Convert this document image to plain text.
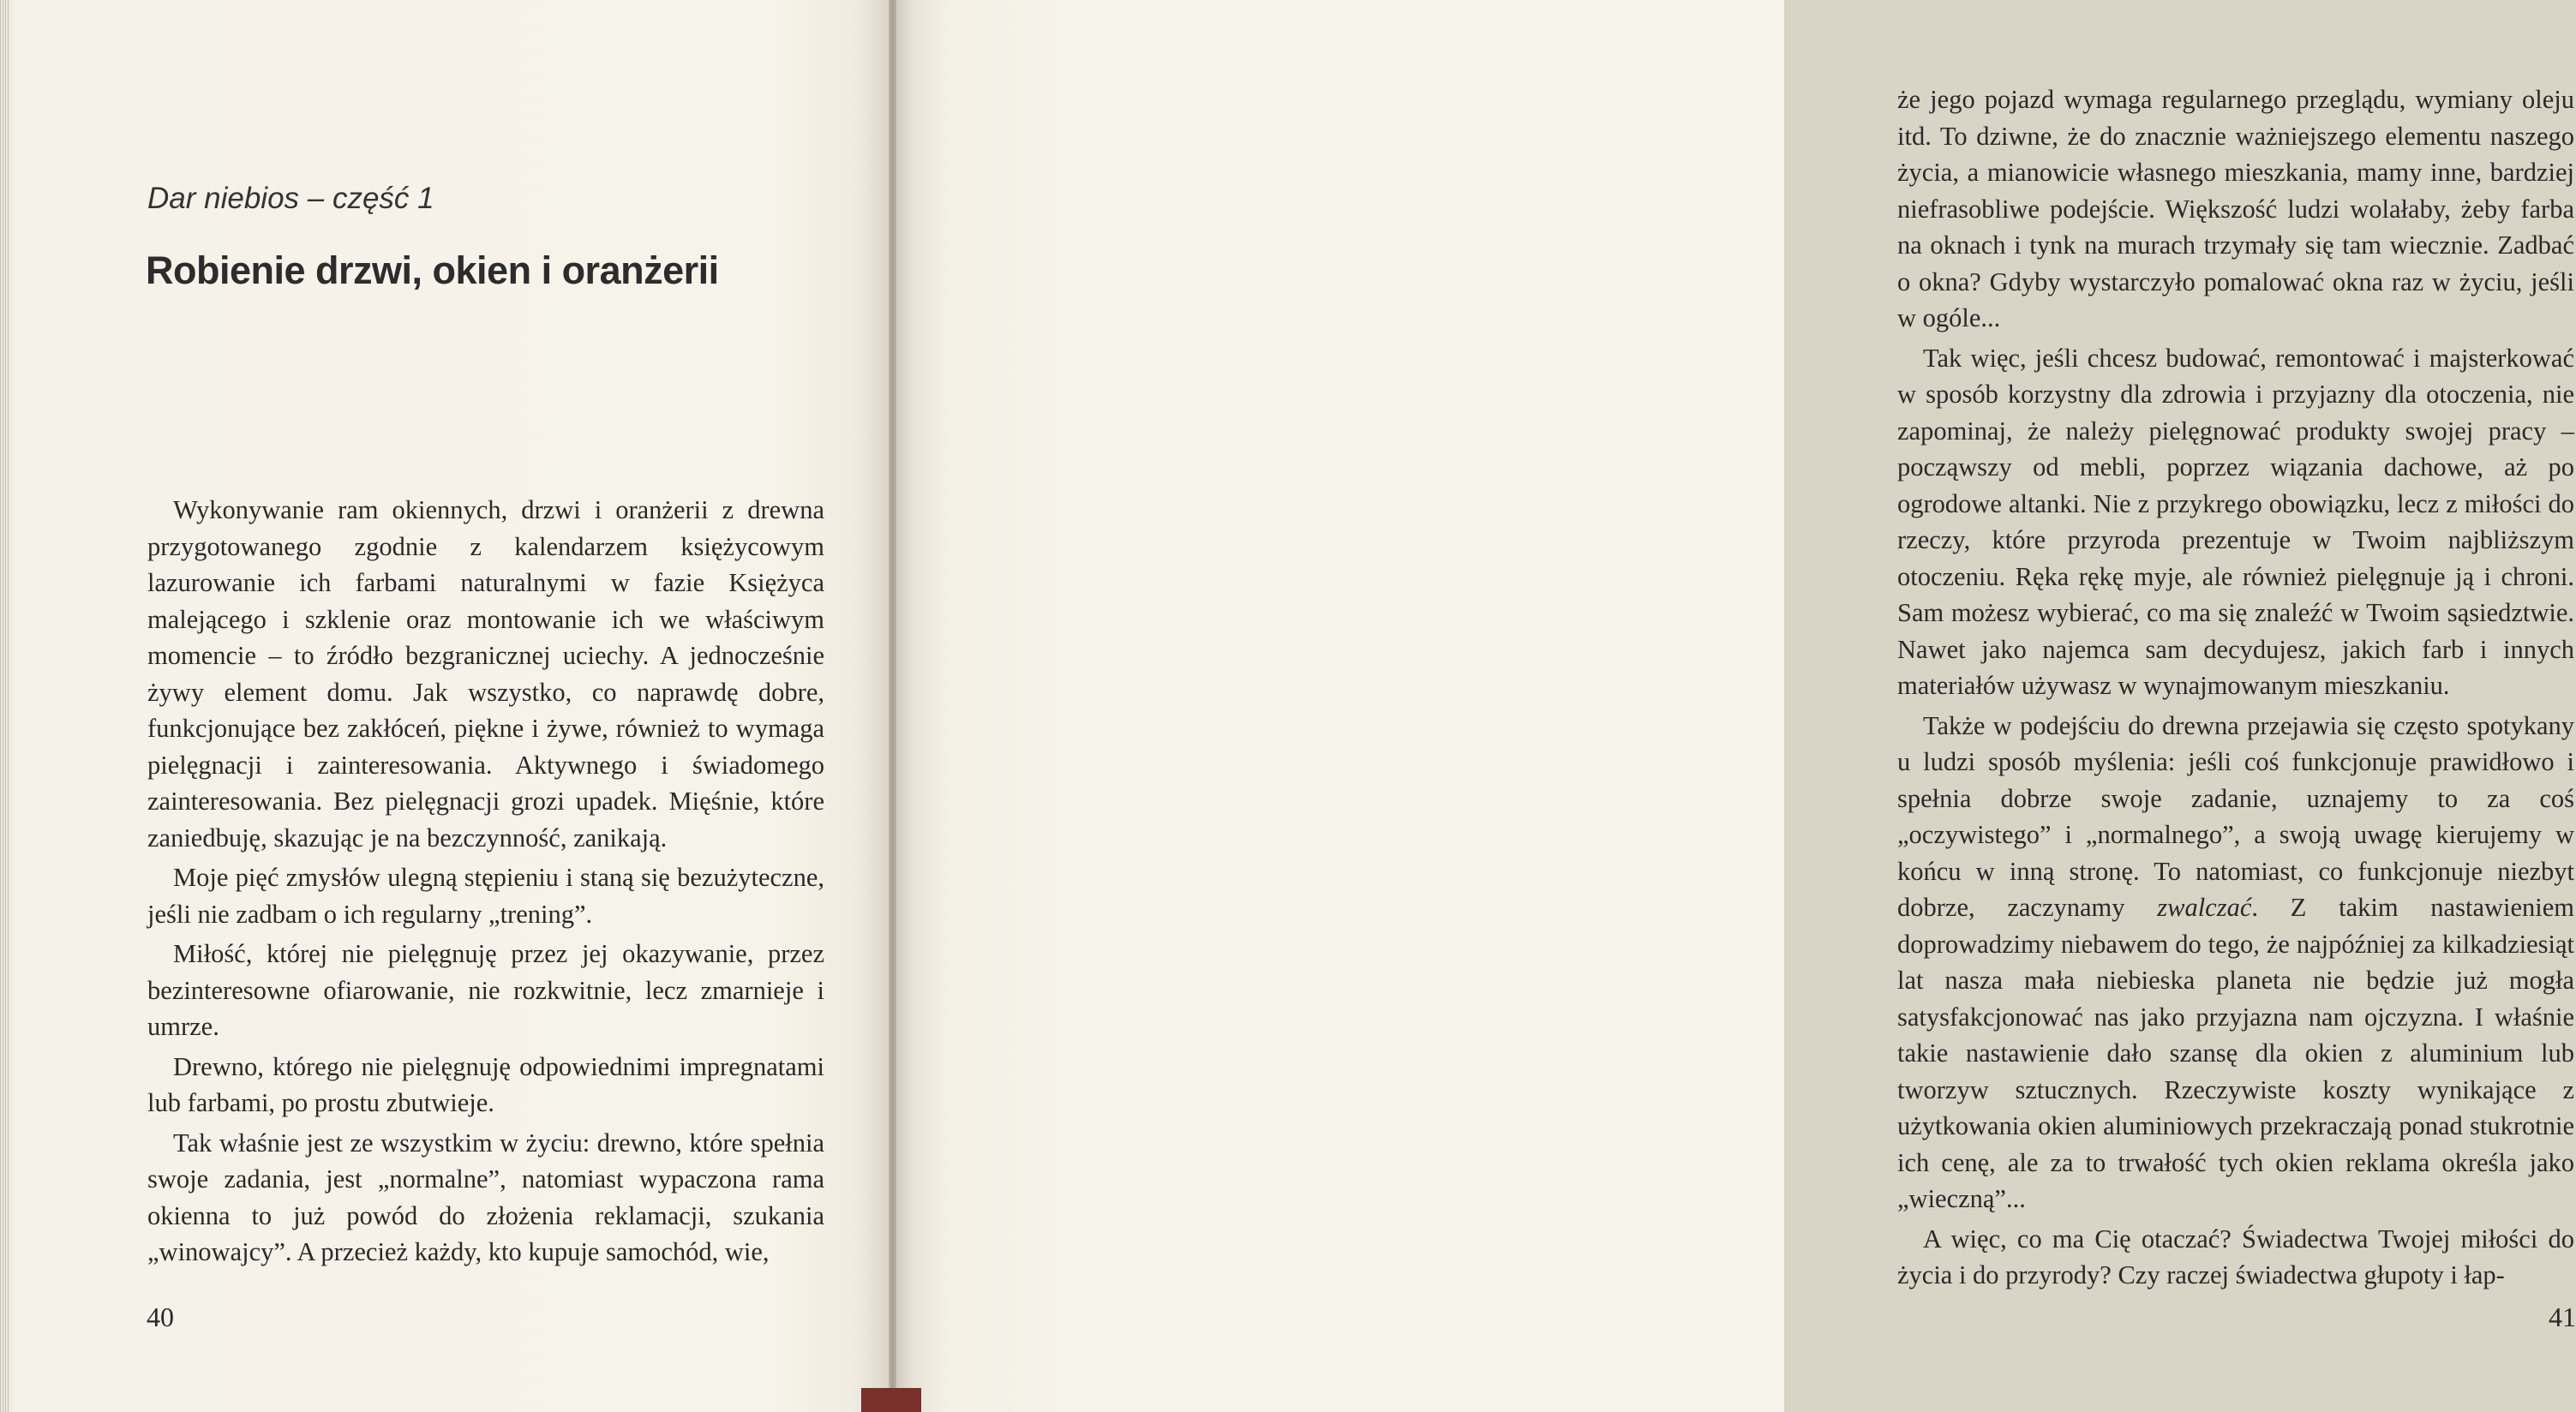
Dar niebios – część 1

Robienie drzwi, okien i oranżerii

Wykonywanie ram okiennych, drzwi i oranżerii z drewna przygotowanego zgodnie z kalendarzem księżycowym lazurowanie ich farbami naturalnymi w fazie Księżyca malejącego i szklenie oraz montowanie ich we właściwym momencie – to źródło bezgranicznej uciechy. A jednocześnie żywy element domu. Jak wszystko, co naprawdę dobre, funkcjonujące bez zakłóceń, piękne i żywe, również to wymaga pielęgnacji i zainteresowania. Aktywnego i świadomego zainteresowania. Bez pielęgnacji grozi upadek. Mięśnie, które zaniedbuję, skazując je na bezczynność, zanikają.

Moje pięć zmysłów ulegną stępieniu i staną się bezużyteczne, jeśli nie zadbam o ich regularny „trening”.

Miłość, której nie pielęgnuję przez jej okazywanie, przez bezinteresowne ofiarowanie, nie rozkwitnie, lecz zmarnieje i umrze.

Drewno, którego nie pielęgnuję odpowiednimi impregnatami lub farbami, po prostu zbutwieje.

Tak właśnie jest ze wszystkim w życiu: drewno, które spełnia swoje zadania, jest „normalne”, natomiast wypaczona rama okienna to już powód do złożenia reklamacji, szukania „winowajcy”. A przecież każdy, kto kupuje samochód, wie,

40

że jego pojazd wymaga regularnego przeglądu, wymiany oleju itd. To dziwne, że do znacznie ważniejszego elementu naszego życia, a mianowicie własnego mieszkania, mamy inne, bardziej niefrasobliwe podejście. Większość ludzi wolałaby, żeby farba na oknach i tynk na murach trzymały się tam wiecznie. Zadbać o okna? Gdyby wystarczyło pomalować okna raz w życiu, jeśli w ogóle...

Tak więc, jeśli chcesz budować, remontować i majsterkować w sposób korzystny dla zdrowia i przyjazny dla otoczenia, nie zapominaj, że należy pielęgnować produkty swojej pracy – począwszy od mebli, poprzez wiązania dachowe, aż po ogrodowe altanki. Nie z przykrego obowiązku, lecz z miłości do rzeczy, które przyroda prezentuje w Twoim najbliższym otoczeniu. Ręka rękę myje, ale również pielęgnuje ją i chroni. Sam możesz wybierać, co ma się znaleźć w Twoim sąsiedztwie. Nawet jako najemca sam decydujesz, jakich farb i innych materiałów używasz w wynajmowanym mieszkaniu.

Także w podejściu do drewna przejawia się często spotykany u ludzi sposób myślenia: jeśli coś funkcjonuje prawidłowo i spełnia dobrze swoje zadanie, uznajemy to za coś „oczywistego” i „normalnego”, a swoją uwagę kierujemy w końcu w inną stronę. To natomiast, co funkcjonuje niezbyt dobrze, zaczynamy zwalczać. Z takim nastawieniem doprowadzimy niebawem do tego, że najpóźniej za kilkadziesiąt lat nasza mała niebieska planeta nie będzie już mogła satysfakcjonować nas jako przyjazna nam ojczyzna. I właśnie takie nastawienie dało szansę dla okien z aluminium lub tworzyw sztucznych. Rzeczywiste koszty wynikające z użytkowania okien aluminiowych przekraczają ponad stukrotnie ich cenę, ale za to trwałość tych okien reklama określa jako „wieczną”...

A więc, co ma Cię otaczać? Świadectwa Twojej miłości do życia i do przyrody? Czy raczej świadectwa głupoty i łap-

41
